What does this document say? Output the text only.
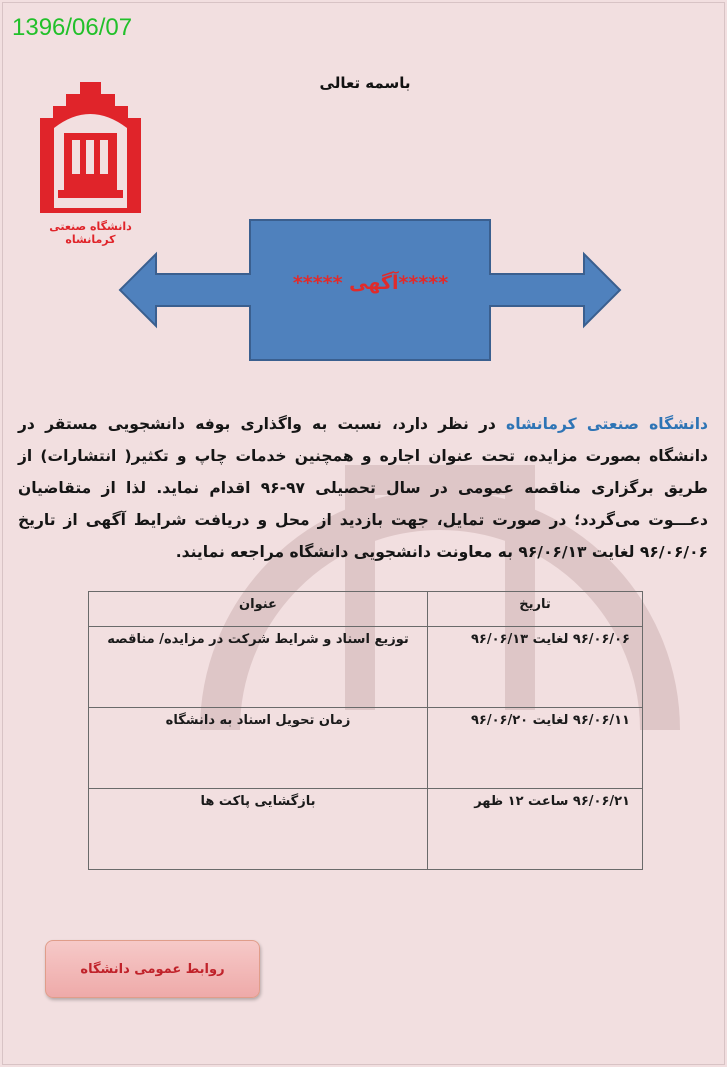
1396/06/07
باسمه تعالی
دانشگاه صنعتی کرمانشاه
*****آگهی *****
دانشگاه صنعتی کرمانشاه در نظر دارد، نسبت به واگذاری بوفه دانشجویی مستقر در دانشگاه بصورت مزایده، تحت عنوان اجاره و همچنین خدمات چاپ و تکثیر( انتشارات) از طریق برگزاری مناقصه عمومی در سال تحصیلی ۹۷-۹۶ اقدام نماید. لذا از متقاضیان دعـــوت می‌گردد؛ در صورت تمایل، جهت بازدید از محل و دریافت شرایط آگهی از تاریخ ۹۶/۰۶/۰۶ لغایت ۹۶/۰۶/۱۳ به معاونت دانشجویی دانشگاه مراجعه نمایند.
تاریخ	عنوان
۹۶/۰۶/۰۶ لغایت ۹۶/۰۶/۱۳	توزیع اسناد و شرایط شرکت در مزایده/ مناقصه
۹۶/۰۶/۱۱ لغایت ۹۶/۰۶/۲۰	زمان تحویل اسناد به دانشگاه
۹۶/۰۶/۲۱ ساعت ۱۲ ظهر	بازگشایی پاکت ها
روابط عمومی دانشگاه
